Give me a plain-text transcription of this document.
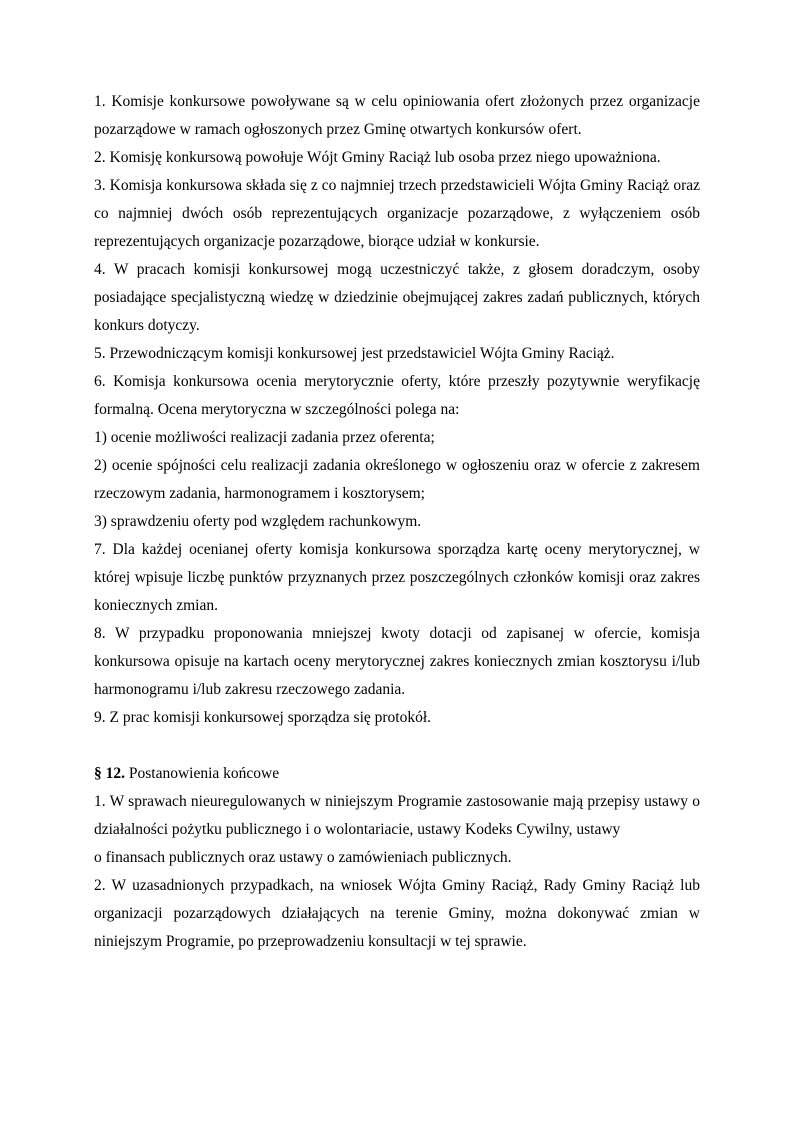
1. Komisje konkursowe powoływane są w celu opiniowania ofert złożonych przez organizacje pozarządowe w ramach ogłoszonych przez Gminę otwartych konkursów ofert.

2. Komisję konkursową powołuje Wójt Gminy Raciąż lub osoba przez niego upoważniona.

3. Komisja konkursowa składa się z co najmniej trzech przedstawicieli Wójta Gminy Raciąż oraz co najmniej dwóch osób reprezentujących organizacje pozarządowe, z wyłączeniem osób reprezentujących organizacje pozarządowe, biorące udział w konkursie.

4. W pracach komisji konkursowej mogą uczestniczyć także, z głosem doradczym, osoby posiadające specjalistyczną wiedzę w dziedzinie obejmującej zakres zadań publicznych, których konkurs dotyczy.

5. Przewodniczącym komisji konkursowej jest przedstawiciel Wójta Gminy Raciąż.

6. Komisja konkursowa ocenia merytorycznie oferty, które przeszły pozytywnie weryfikację formalną. Ocena merytoryczna w szczególności polega na:

1) ocenie możliwości realizacji zadania przez oferenta;

2) ocenie spójności celu realizacji zadania określonego w ogłoszeniu oraz w ofercie z zakresem rzeczowym zadania, harmonogramem i kosztorysem;

3) sprawdzeniu oferty pod względem rachunkowym.

7. Dla każdej ocenianej oferty komisja konkursowa sporządza kartę oceny merytorycznej, w której wpisuje liczbę punktów przyznanych przez poszczególnych członków komisji oraz zakres koniecznych zmian.

8. W przypadku proponowania mniejszej kwoty dotacji od zapisanej w ofercie, komisja konkursowa opisuje na kartach oceny merytorycznej zakres koniecznych zmian kosztorysu i/lub harmonogramu i/lub zakresu rzeczowego zadania.

9. Z prac komisji konkursowej sporządza się protokół.

§ 12. Postanowienia końcowe

1. W sprawach nieuregulowanych w niniejszym Programie zastosowanie mają przepisy ustawy o działalności pożytku publicznego i o wolontariacie, ustawy Kodeks Cywilny, ustawy

o finansach publicznych oraz ustawy o zamówieniach publicznych.

2. W uzasadnionych przypadkach, na wniosek Wójta Gminy Raciąż, Rady Gminy Raciąż lub organizacji pozarządowych działających na terenie Gminy, można dokonywać zmian w niniejszym Programie, po przeprowadzeniu konsultacji w tej sprawie.
